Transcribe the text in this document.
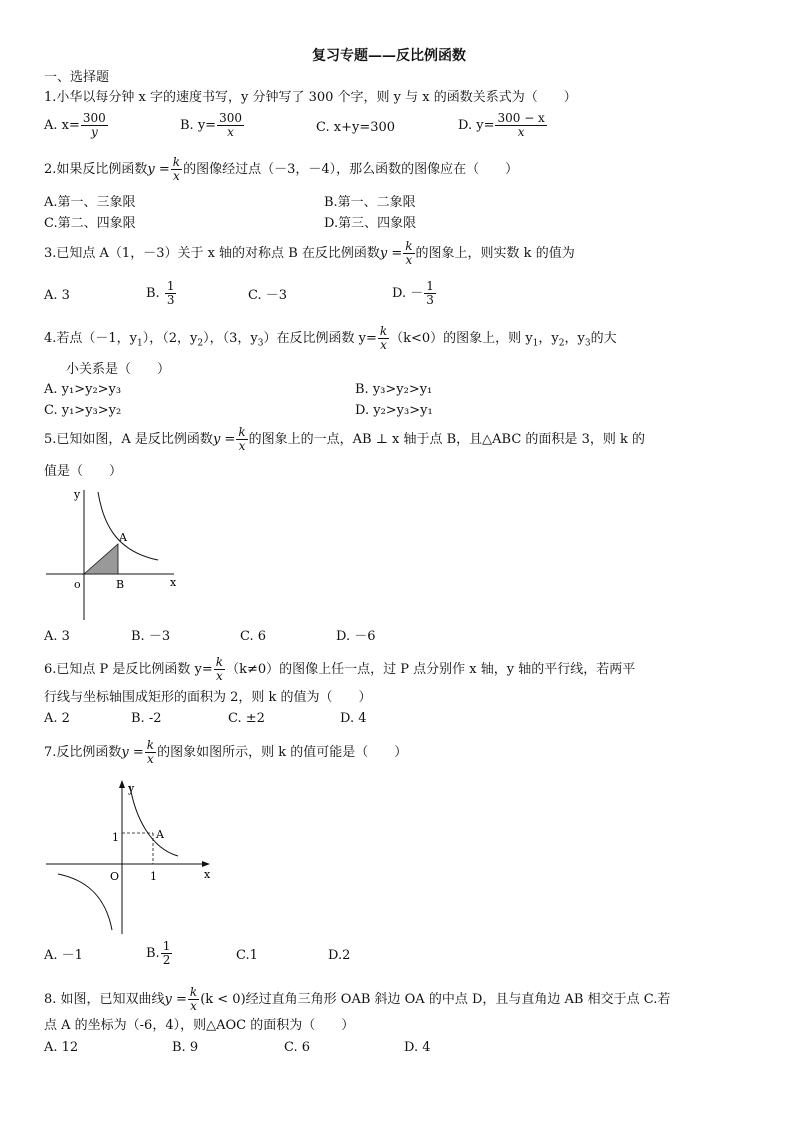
复习专题——反比例函数
一、选择题
1.小华以每分钟 x 字的速度书写，y 分钟写了 300 个字，则 y 与 x 的函数关系式为（　　）
A. $x= \frac{300}{y}$	B. $y= \frac{300}{x}$	C. x+y=300	D. $y= \frac{300 - x}{x}$
2.如果反比例函数$y = \frac{k}{x}$ 的图像经过点（－3，－4），那么函数的图像应在（　　）
A.第一、三象限	B.第一、二象限
C.第二、四象限	D.第三、四象限
3.已知点 A（1，－3）关于 x 轴的对称点 B 在反比例函数$y = \frac{k}{x}$ 的图象上，则实数 k 的值为
A. 3	B. $\frac{1}{3}$	C. －3	D. － $\frac{1}{3}$
4.若点（－1，$y_1$），（2，$y_2$），（3，$y_3$）在反比例函数 $y= \frac{k}{x} (k<0)$的图象上，则 $y_1$，$y_2$，$y_3$的大
小关系是（　　）
A. y₁>y₂>y₃	B. y₃>y₂>y₁
C. y₁>y₃>y₂	D. y₂>y₃>y₁
5.已知如图，A 是反比例函数$y = \frac{k}{x}$ 的图象上的一点，AB ⊥ x 轴于点 B，且△ABC 的面积是 3，则 k 的
值是（　　）
y
x
o
A
B
A. 3	B. －3	C. 6	D. －6
6.已知点 P 是反比例函数 $y= \frac{k}{x} (k\ne 0)$的图像上任一点，过 P 点分别作 x 轴，y 轴的平行线，若两平
行线与坐标轴围成矩形的面积为 2，则 k 的值为（　　）
A. 2	B. -2	C. ±2	D. 4
7.反比例函数$y = \frac{k}{x}$ 的图象如图所示，则 k 的值可能是（　　）
y
x
O
A
1
1
A. －1	B. $\frac{1}{2}$	C.1	D.2
8. 如图，已知双曲线$y = \frac{k}{x} (k < 0)$经过直角三角形 OAB 斜边 OA 的中点 D，且与直角边 AB 相交于点 C.若
点 A 的坐标为（-6，4），则△AOC 的面积为（　　）
A. 12	B. 9	C. 6	D. 4
